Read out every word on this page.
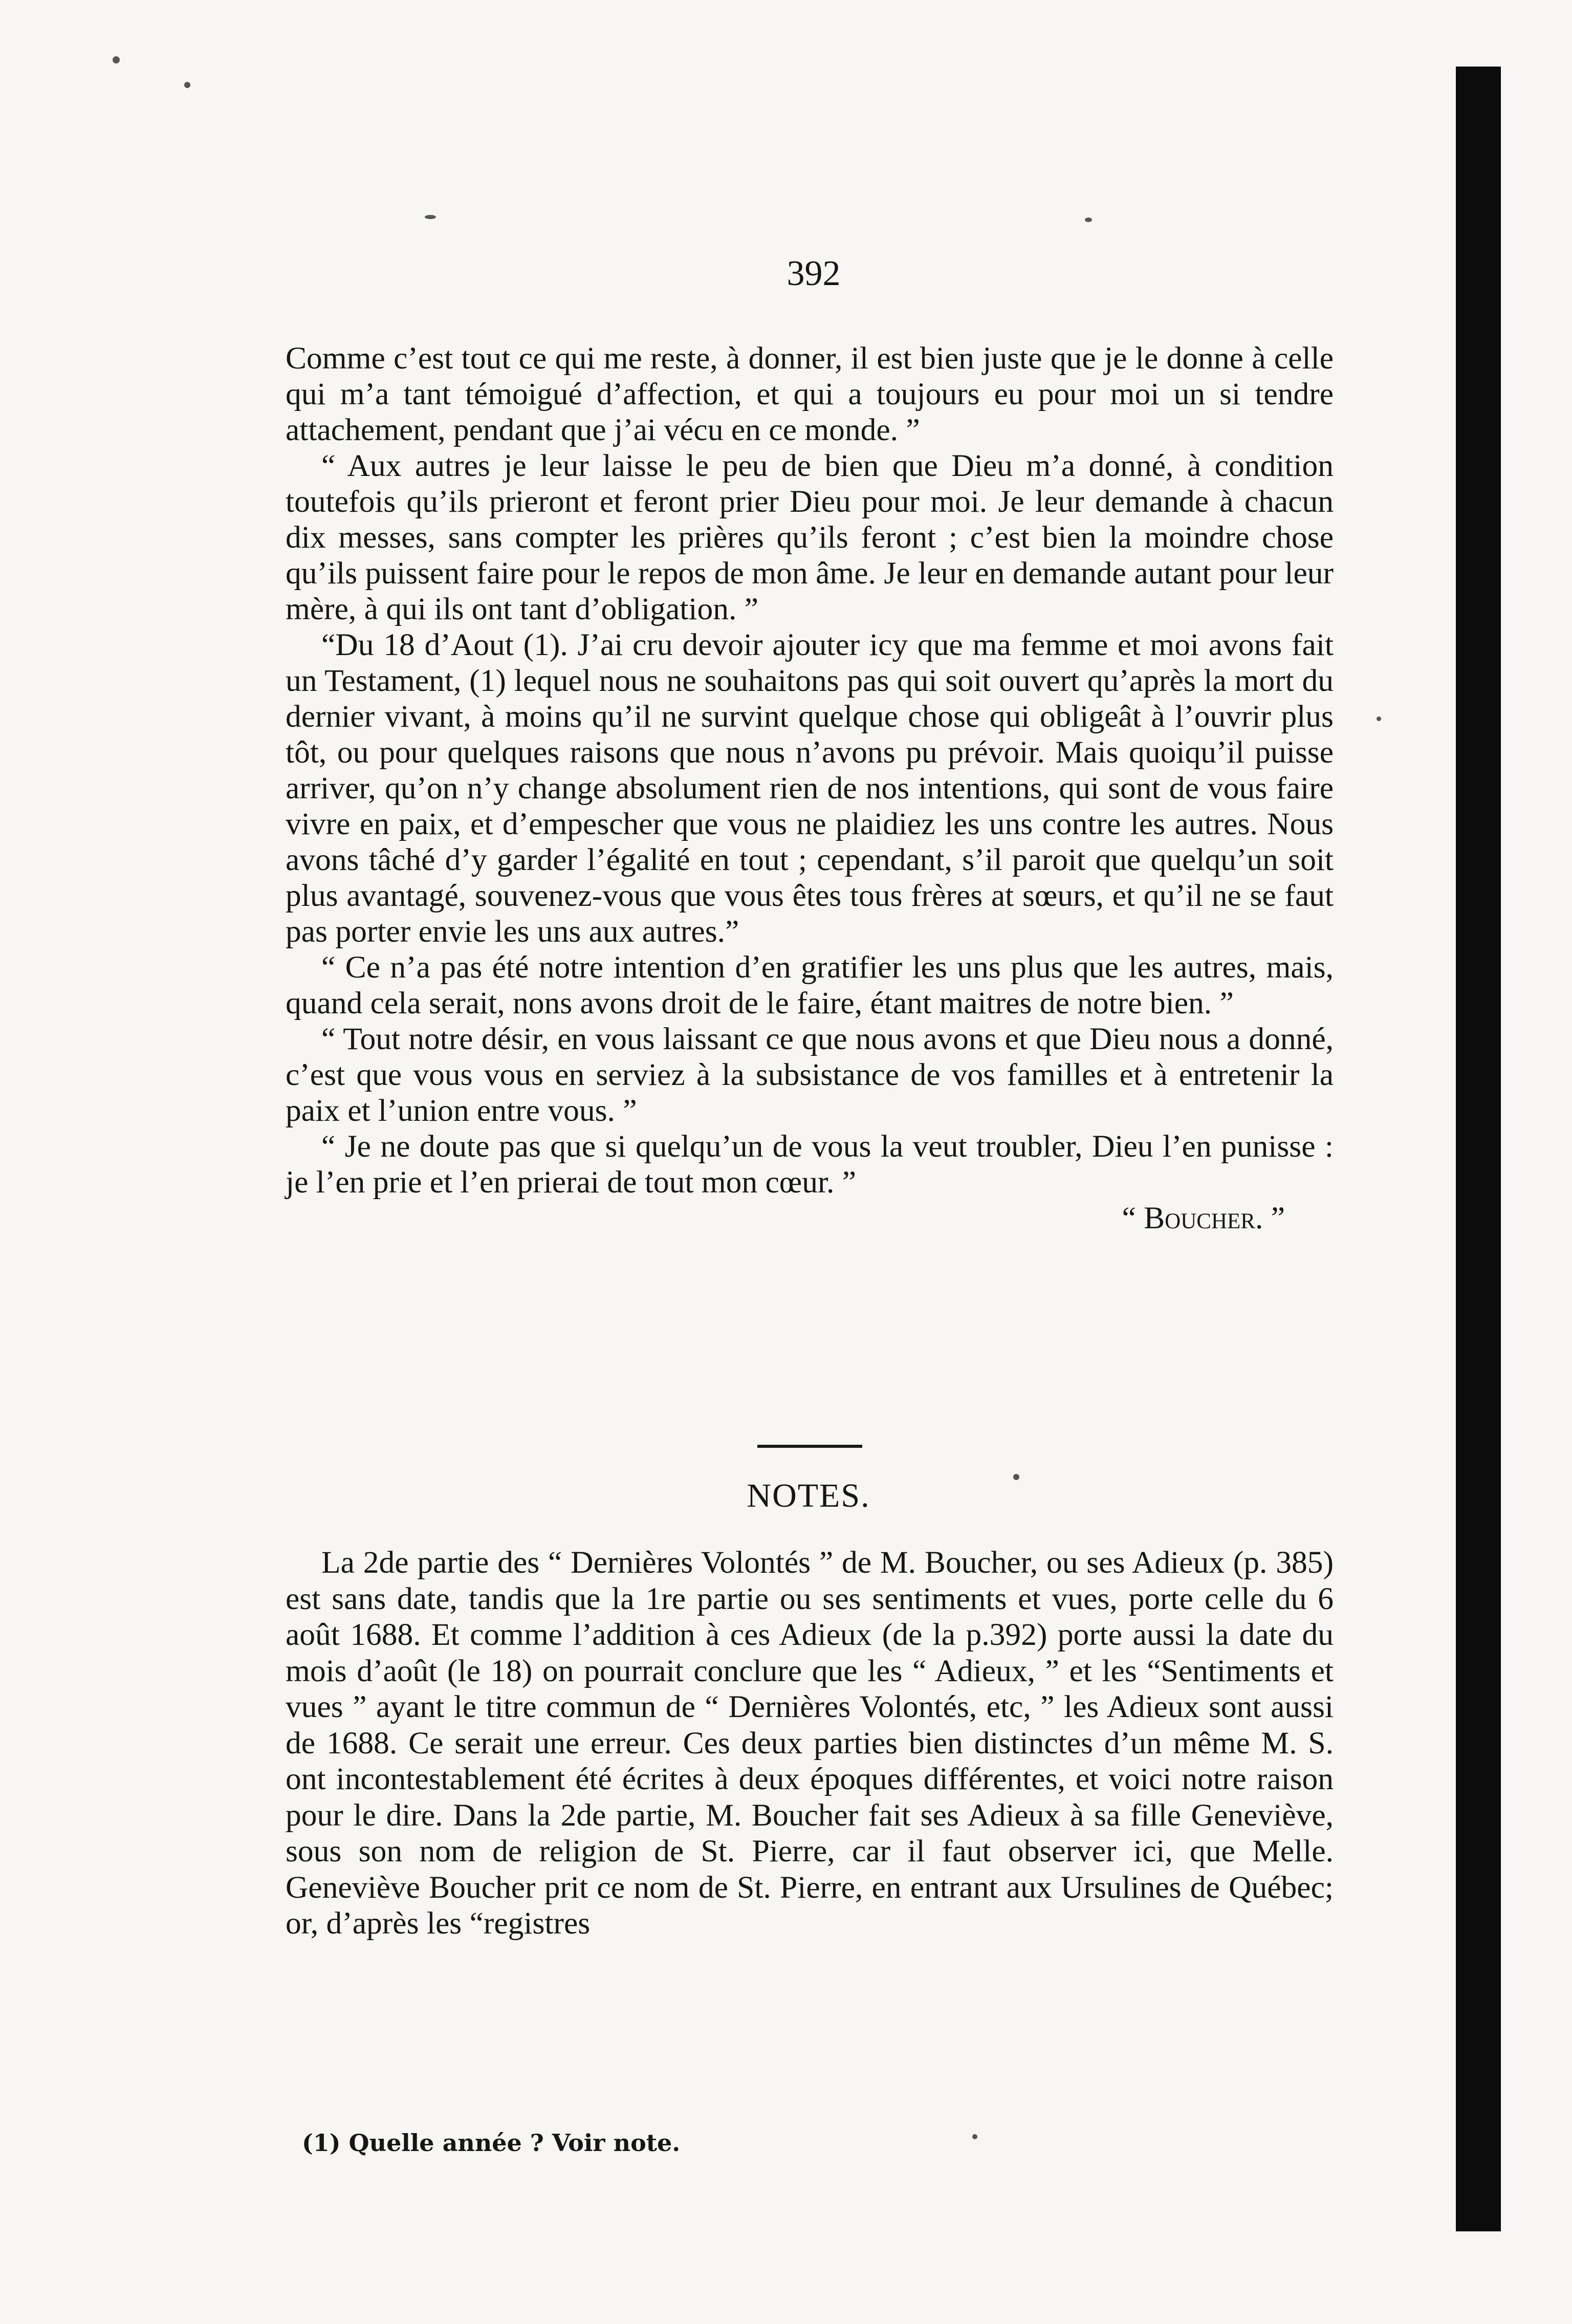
392

Comme c’est tout ce qui me reste, à donner, il est bien juste que je le donne à celle qui m’a tant témoigué d’affection, et qui a toujours eu pour moi un si tendre attachement, pendant que j’ai vécu en ce monde. ”

“ Aux autres je leur laisse le peu de bien que Dieu m’a donné, à condition toutefois qu’ils prieront et feront prier Dieu pour moi. Je leur demande à chacun dix messes, sans compter les prières qu’ils feront ; c’est bien la moindre chose qu’ils puissent faire pour le repos de mon âme. Je leur en demande autant pour leur mère, à qui ils ont tant d’obligation. ”

“Du 18 d’Aout (1). J’ai cru devoir ajouter icy que ma femme et moi avons fait un Testament, (1) lequel nous ne souhaitons pas qui soit ouvert qu’après la mort du dernier vivant, à moins qu’il ne survint quelque chose qui obligeât à l’ouvrir plus tôt, ou pour quelques raisons que nous n’avons pu prévoir. Mais quoiqu’il puisse arriver, qu’on n’y change absolument rien de nos intentions, qui sont de vous faire vivre en paix, et d’empescher que vous ne plaidiez les uns contre les autres. Nous avons tâché d’y garder l’égalité en tout ; cependant, s’il paroit que quelqu’un soit plus avantagé, souvenez-vous que vous êtes tous frères at sœurs, et qu’il ne se faut pas porter envie les uns aux autres.”

“ Ce n’a pas été notre intention d’en gratifier les uns plus que les autres, mais, quand cela serait, nons avons droit de le faire, étant maitres de notre bien. ”

“ Tout notre désir, en vous laissant ce que nous avons et que Dieu nous a donné, c’est que vous vous en serviez à la subsistance de vos familles et à entretenir la paix et l’union entre vous. ”

“ Je ne doute pas que si quelqu’un de vous la veut troubler, Dieu l’en punisse : je l’en prie et l’en prierai de tout mon cœur. ”

“ Boucher. ”

NOTES.

La 2de partie des “ Dernières Volontés ” de M. Boucher, ou ses Adieux (p. 385) est sans date, tandis que la 1re partie ou ses sentiments et vues, porte celle du 6 août 1688. Et comme l’addition à ces Adieux (de la p.392) porte aussi la date du mois d’août (le 18) on pourrait conclure que les “ Adieux, ” et les “Sentiments et vues ” ayant le titre commun de “ Dernières Volontés, etc, ” les Adieux sont aussi de 1688. Ce serait une erreur. Ces deux parties bien distinctes d’un même M. S. ont incontestablement été écrites à deux époques différentes, et voici notre raison pour le dire. Dans la 2de partie, M. Boucher fait ses Adieux à sa fille Geneviève, sous son nom de religion de St. Pierre, car il faut observer ici, que Melle. Geneviève Boucher prit ce nom de St. Pierre, en entrant aux Ursulines de Québec; or, d’après les “registres

(1) Quelle année ? Voir note.
